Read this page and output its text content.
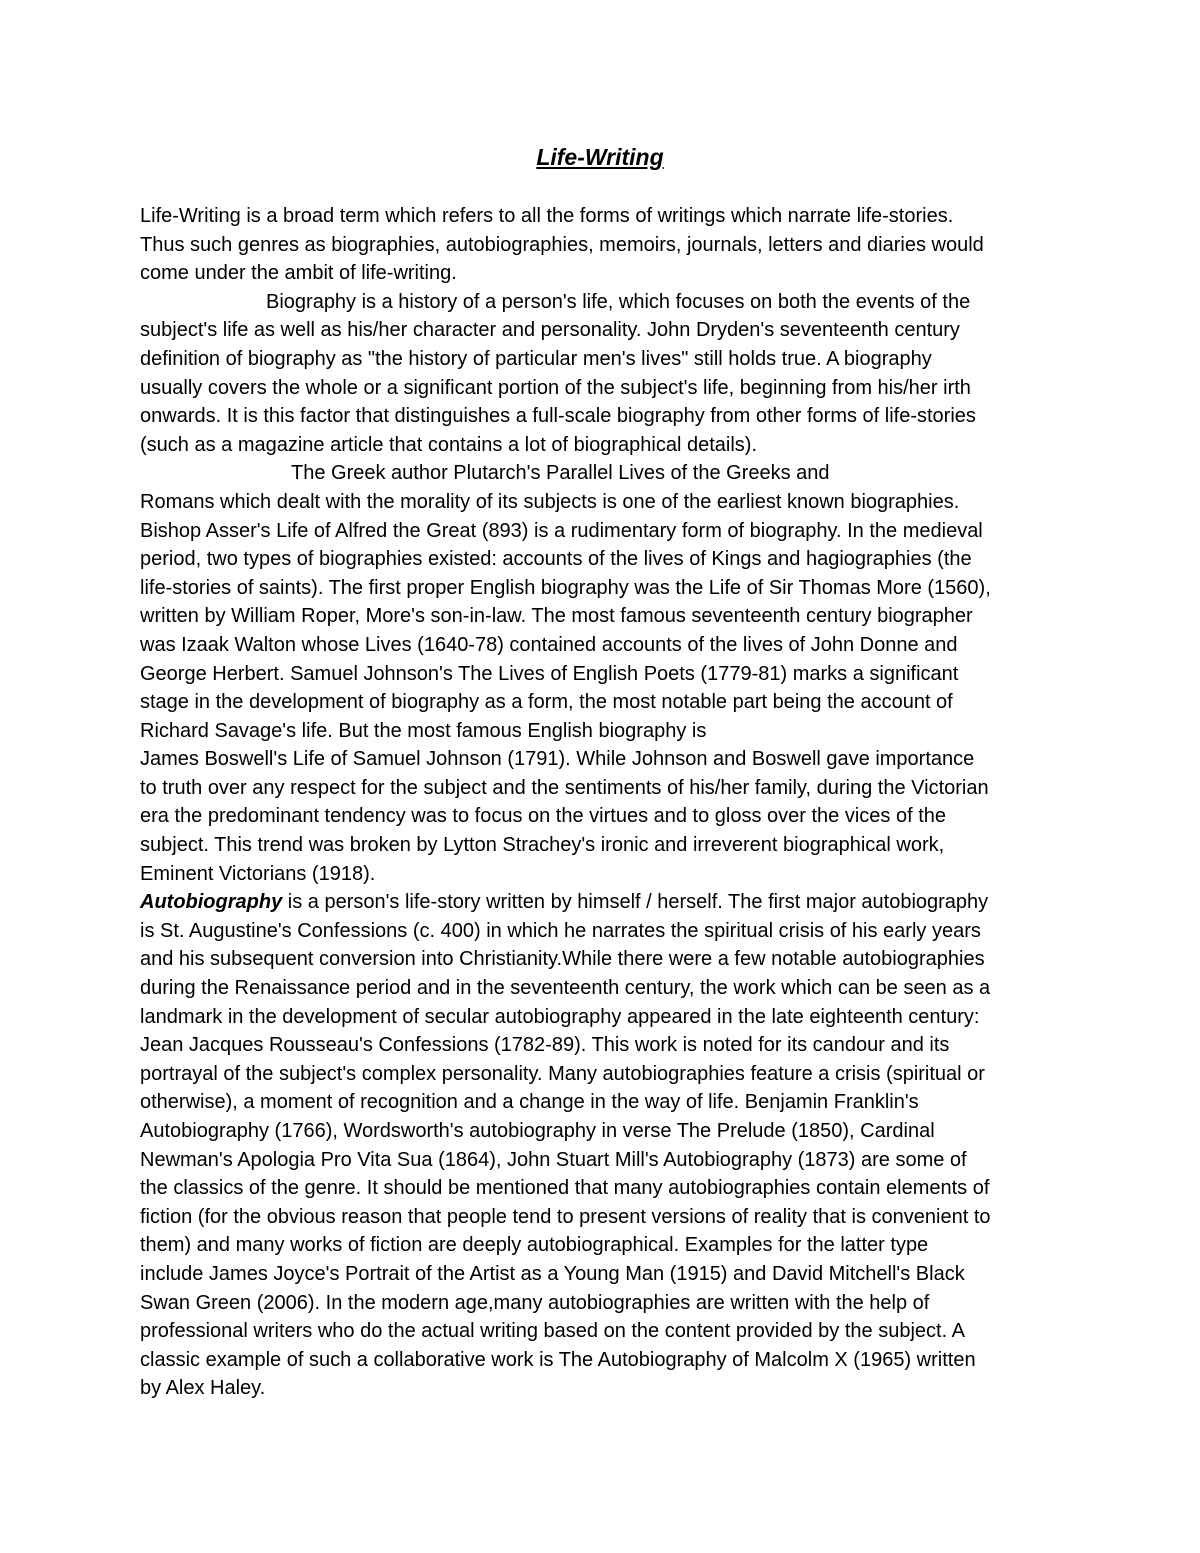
Life-Writing
Life-Writing is a broad term which refers to all the forms of writings which narrate life-stories.
Thus such genres as biographies, autobiographies, memoirs, journals, letters and diaries would
come under the ambit of life-writing.
Biography is a history of a person's life, which focuses on both the events of the
subject's life as well as his/her character and personality. John Dryden's seventeenth century
definition of biography as "the history of particular men's lives" still holds true. A biography
usually covers the whole or a significant portion of the subject's life, beginning from his/her irth
onwards. It is this factor that distinguishes a full-scale biography from other forms of life-stories
(such as a magazine article that contains a lot of biographical details).
The Greek author Plutarch's Parallel Lives of the Greeks and
Romans which dealt with the morality of its subjects is one of the earliest known biographies.
Bishop Asser's Life of Alfred the Great (893) is a rudimentary form of biography. In the medieval
period, two types of biographies existed: accounts of the lives of Kings and hagiographies (the
life-stories of saints). The first proper English biography was the Life of Sir Thomas More (1560),
written by William Roper, More's son-in-law. The most famous seventeenth century biographer
was Izaak Walton whose Lives (1640-78) contained accounts of the lives of John Donne and
George Herbert. Samuel Johnson's The Lives of English Poets (1779-81) marks a significant
stage in the development of biography as a form, the most notable part being the account of
Richard Savage's life. But the most famous English biography is
James Boswell's Life of Samuel Johnson (1791). While Johnson and Boswell gave importance
to truth over any respect for the subject and the sentiments of his/her family, during the Victorian
era the predominant tendency was to focus on the virtues and to gloss over the vices of the
subject. This trend was broken by Lytton Strachey's ironic and irreverent biographical work,
Eminent Victorians (1918).
Autobiography is a person's life-story written by himself / herself. The first major autobiography
is St. Augustine's Confessions (c. 400) in which he narrates the spiritual crisis of his early years
and his subsequent conversion into Christianity.While there were a few notable autobiographies
during the Renaissance period and in the seventeenth century, the work which can be seen as a
landmark in the development of secular autobiography appeared in the late eighteenth century:
Jean Jacques Rousseau's Confessions (1782-89). This work is noted for its candour and its
portrayal of the subject's complex personality. Many autobiographies feature a crisis (spiritual or
otherwise), a moment of recognition and a change in the way of life. Benjamin Franklin's
Autobiography (1766), Wordsworth's autobiography in verse The Prelude (1850), Cardinal
Newman's Apologia Pro Vita Sua (1864), John Stuart Mill's Autobiography (1873) are some of
the classics of the genre. It should be mentioned that many autobiographies contain elements of
fiction (for the obvious reason that people tend to present versions of reality that is convenient to
them) and many works of fiction are deeply autobiographical. Examples for the latter type
include James Joyce's Portrait of the Artist as a Young Man (1915) and David Mitchell's Black
Swan Green (2006). In the modern age,many autobiographies are written with the help of
professional writers who do the actual writing based on the content provided by the subject. A
classic example of such a collaborative work is The Autobiography of Malcolm X (1965) written
by Alex Haley.
